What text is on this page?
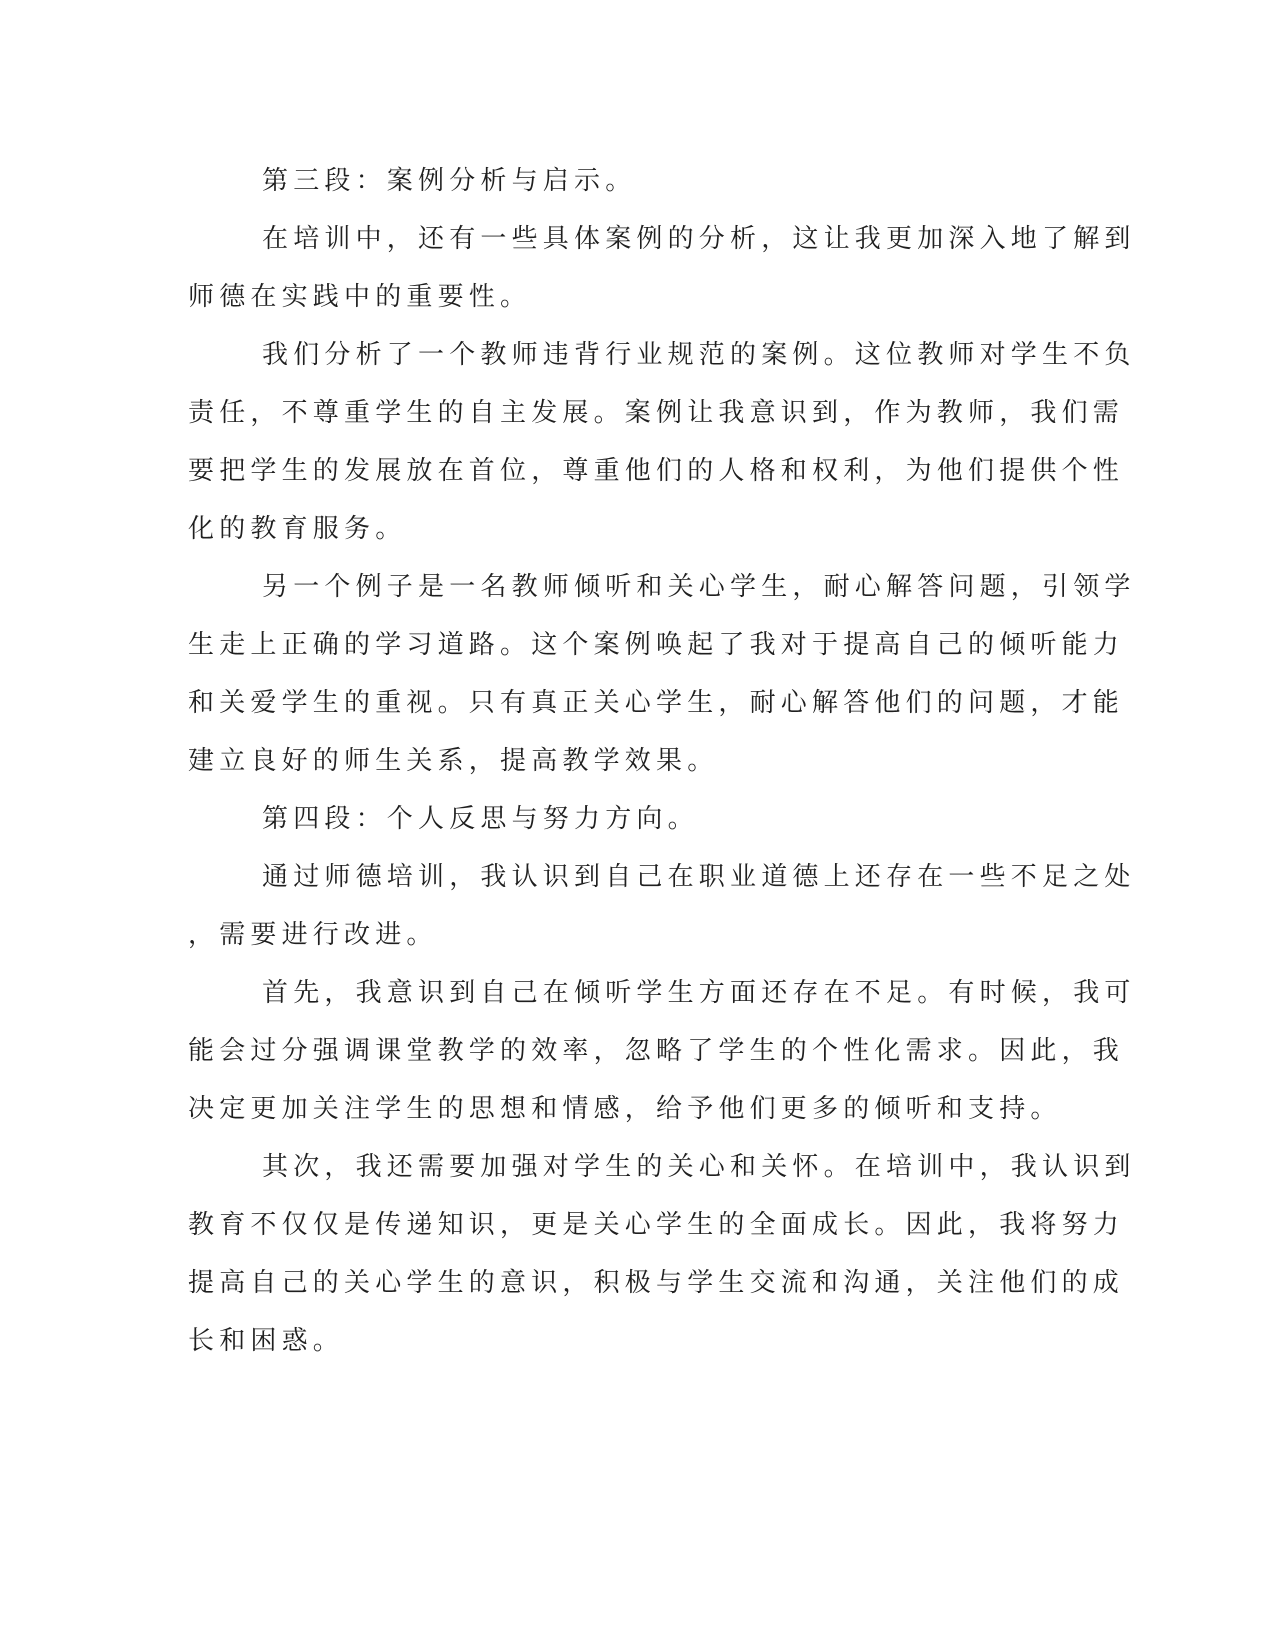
第三段：案例分析与启示。

在培训中，还有一些具体案例的分析，这让我更加深入地了解到

师德在实践中的重要性。

我们分析了一个教师违背行业规范的案例。这位教师对学生不负

责任，不尊重学生的自主发展。案例让我意识到，作为教师，我们需

要把学生的发展放在首位，尊重他们的人格和权利，为他们提供个性

化的教育服务。

另一个例子是一名教师倾听和关心学生，耐心解答问题，引领学

生走上正确的学习道路。这个案例唤起了我对于提高自己的倾听能力

和关爱学生的重视。只有真正关心学生，耐心解答他们的问题，才能

建立良好的师生关系，提高教学效果。

第四段：个人反思与努力方向。

通过师德培训，我认识到自己在职业道德上还存在一些不足之处

，需要进行改进。

首先，我意识到自己在倾听学生方面还存在不足。有时候，我可

能会过分强调课堂教学的效率，忽略了学生的个性化需求。因此，我

决定更加关注学生的思想和情感，给予他们更多的倾听和支持。

其次，我还需要加强对学生的关心和关怀。在培训中，我认识到

教育不仅仅是传递知识，更是关心学生的全面成长。因此，我将努力

提高自己的关心学生的意识，积极与学生交流和沟通，关注他们的成

长和困惑。
